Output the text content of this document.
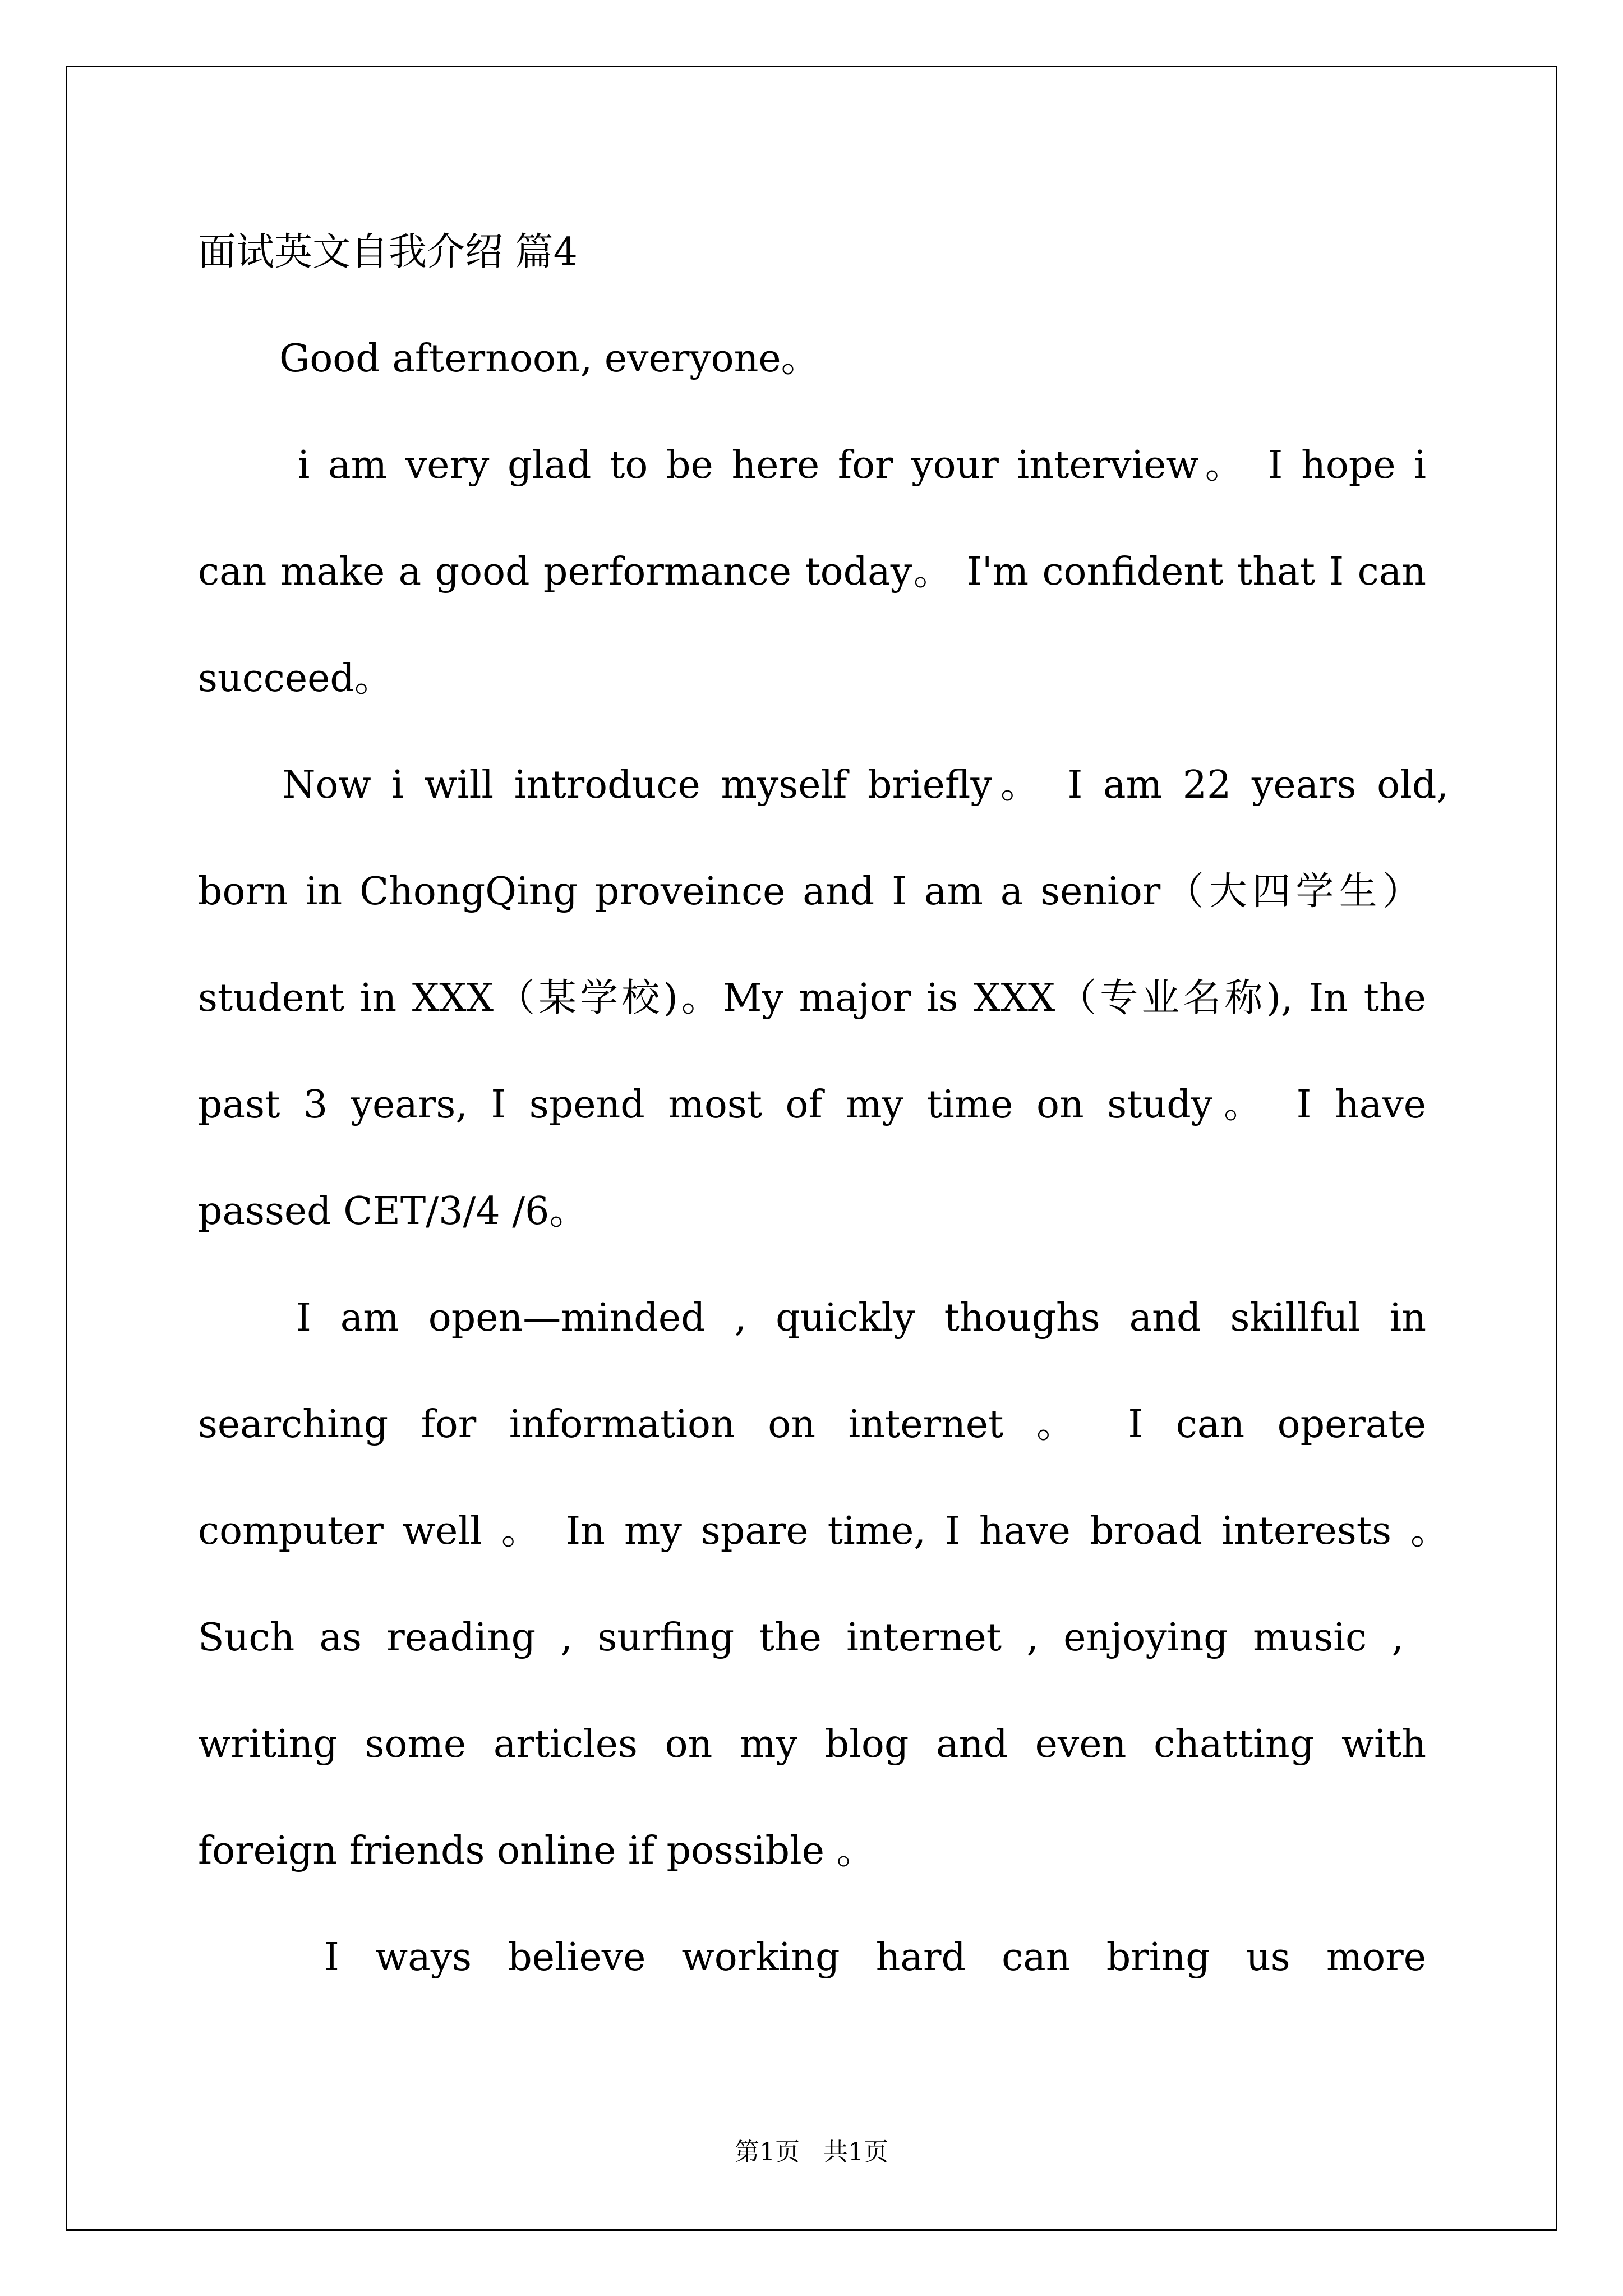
面试英文自我介绍 篇4
Good afternoon, everyone。
i am very glad to be here for your interview。 I hope i
can make a good performance today。 I'm confident that I can
succeed。
Now i will introduce myself briefly。 I am 22 years old,
born in ChongQing proveince and I am a senior（大四学生）
student in XXX（某学校)。My major is XXX（专业名称), In the
past 3 years, I spend most of my time on study。 I have
passed CET/3/4 /6。
I am open—minded , quickly thoughs and skillful in
searching for information on internet 。 I can operate
computer well 。 In my spare time, I have broad interests 。
Such as reading , surfing the internet , enjoying music ,
writing some articles on my blog and even chatting with
foreign friends online if possible 。
I ways believe working hard can bring us more
第1页   共1页
